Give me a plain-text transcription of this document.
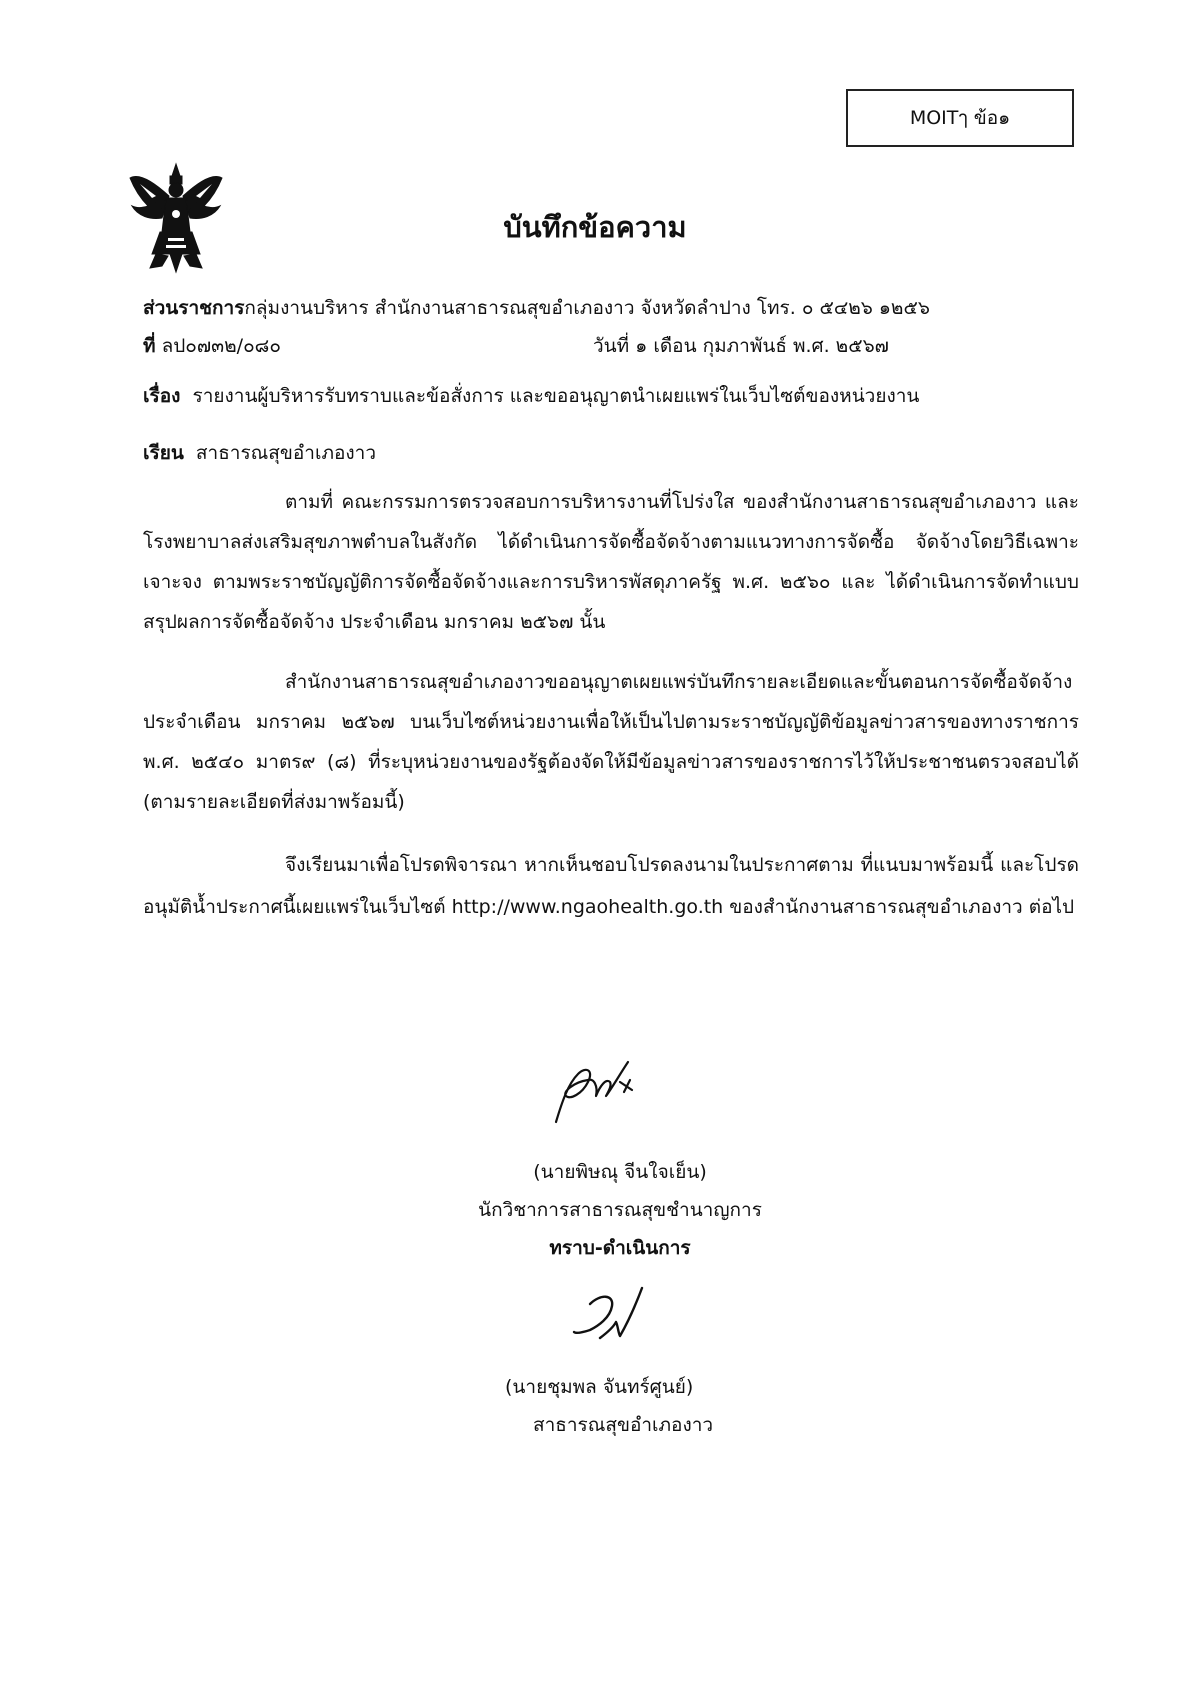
MOITๅ ข้อ๑
บันทึกข้อความ
ส่วนราชการกลุ่มงานบริหาร สำนักงานสาธารณสุขอำเภองาว จังหวัดลำปาง โทร. ๐ ๕๔๒๖ ๑๒๕๖
ที่ ลป๐๗๓๒/๐๘๐	วันที่ ๑ เดือน กุมภาพันธ์ พ.ศ. ๒๕๖๗
เรื่อง รายงานผู้บริหารรับทราบและข้อสั่งการ และขออนุญาตนำเผยแพร่ในเว็บไซต์ของหน่วยงาน
เรียน สาธารณสุขอำเภองาว
ตามที่ คณะกรรมการตรวจสอบการบริหารงานที่โปร่งใส ของสำนักงานสาธารณสุขอำเภองาว และโรงพยาบาลส่งเสริมสุขภาพตำบลในสังกัด ได้ดำเนินการจัดซื้อจัดจ้างตามแนวทางการจัดซื้อ จัดจ้างโดยวิธีเฉพาะเจาะจง ตามพระราชบัญญัติการจัดซื้อจัดจ้างและการบริหารพัสดุภาครัฐ พ.ศ. ๒๕๖๐ และ ได้ดำเนินการจัดทำแบบสรุปผลการจัดซื้อจัดจ้าง ประจำเดือน มกราคม ๒๕๖๗ นั้น
สำนักงานสาธารณสุขอำเภองาวขออนุญาตเผยแพร่บันทึกรายละเอียดและขั้นตอนการจัดซื้อจัดจ้าง ประจำเดือน มกราคม ๒๕๖๗ บนเว็บไซต์หน่วยงานเพื่อให้เป็นไปตามระราชบัญญัติข้อมูลข่าวสารของทางราชการ พ.ศ. ๒๕๔๐ มาตร๙ (๘) ที่ระบุหน่วยงานของรัฐต้องจัดให้มีข้อมูลข่าวสารของราชการไว้ให้ประชาชนตรวจสอบได้ (ตามรายละเอียดที่ส่งมาพร้อมนี้)
จึงเรียนมาเพื่อโปรดพิจารณา หากเห็นชอบโปรดลงนามในประกาศตาม ที่แนบมาพร้อมนี้ และโปรดอนุมัติน้ำประกาศนี้เผยแพร่ในเว็บไซต์ http://www.ngaohealth.go.th ของสำนักงานสาธารณสุขอำเภองาว ต่อไป
(นายพิษณุ จีนใจเย็น)
นักวิชาการสาธารณสุขชำนาญการ
ทราบ-ดำเนินการ
(นายชุมพล จันทร์ศูนย์)
สาธารณสุขอำเภองาว
